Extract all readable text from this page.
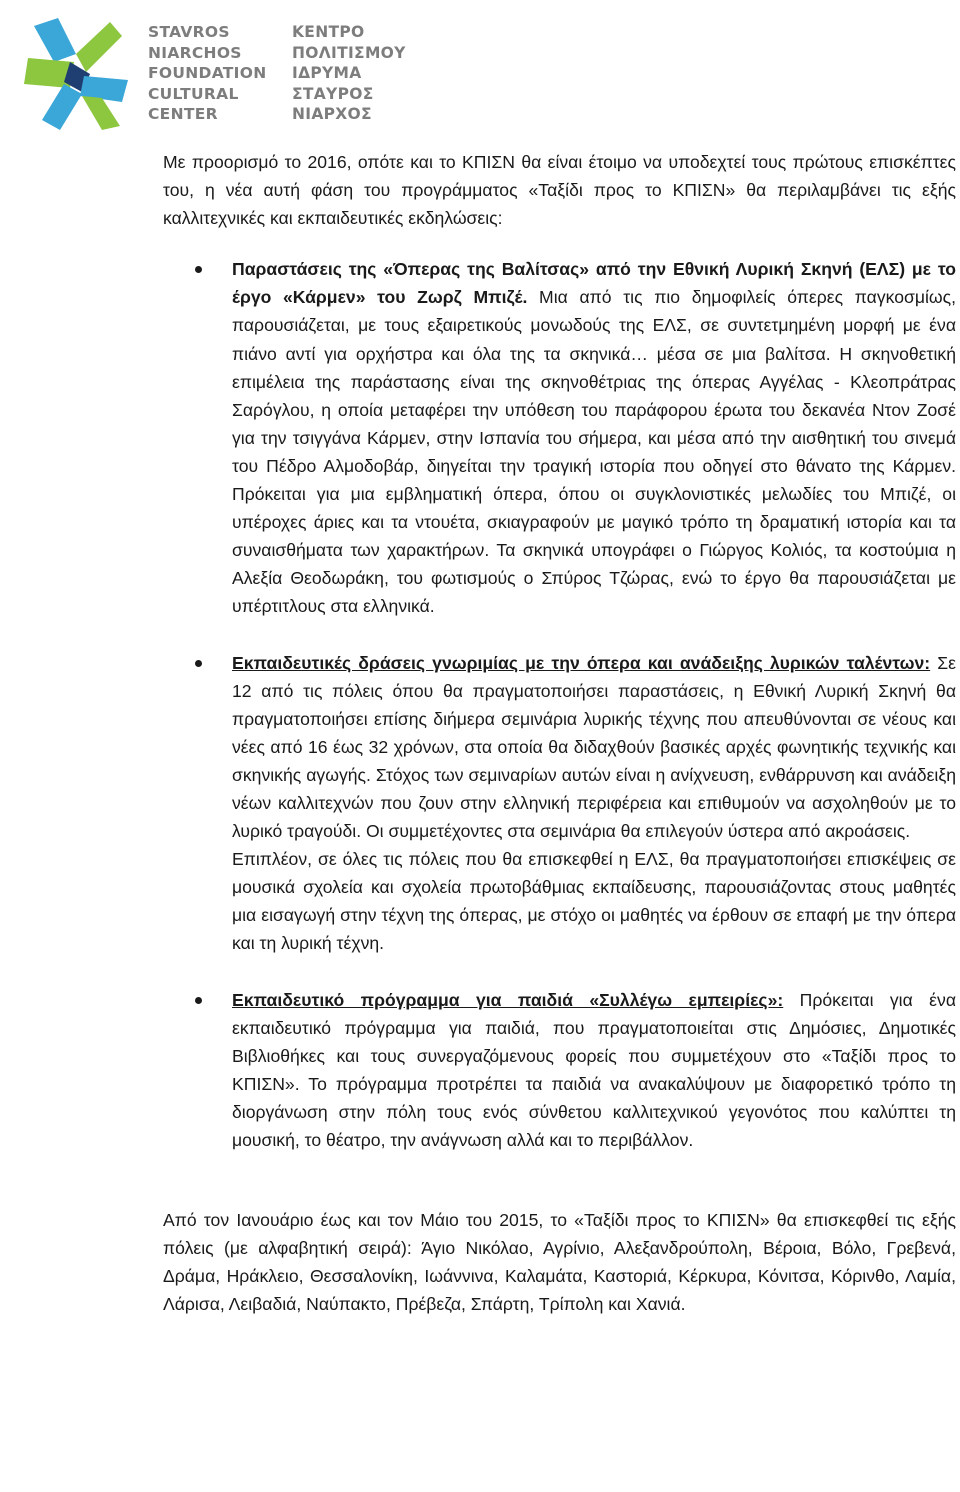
STAVROS
NIARCHOS
FOUNDATION
CULTURAL
CENTER
ΚΕΝΤΡΟ
ΠΟΛΙΤΙΣΜΟΥ
ΙΔΡΥΜΑ
ΣΤΑΥΡΟΣ
ΝΙΑΡΧΟΣ

Με προορισμό το 2016, οπότε και το ΚΠΙΣΝ θα είναι έτοιμο να υποδεχτεί τους πρώτους επισκέπτες του, η νέα αυτή φάση του προγράμματος «Ταξίδι προς το ΚΠΙΣΝ» θα περιλαμβάνει τις εξής καλλιτεχνικές και εκπαιδευτικές εκδηλώσεις:

Παραστάσεις της «Όπερας της Βαλίτσας» από την Εθνική Λυρική Σκηνή (ΕΛΣ) με το έργο «Κάρμεν» του Ζωρζ Μπιζέ. Μια από τις πιο δημοφιλείς όπερες παγκοσμίως, παρουσιάζεται, με τους εξαιρετικούς μονωδούς της ΕΛΣ, σε συντετμημένη μορφή με ένα πιάνο αντί για ορχήστρα και όλα της τα σκηνικά… μέσα σε μια βαλίτσα. Η σκηνοθετική επιμέλεια της παράστασης είναι της σκηνοθέτριας της όπερας Αγγέλας - Κλεοπράτρας Σαρόγλου, η οποία μεταφέρει την υπόθεση του παράφορου έρωτα του δεκανέα Ντον Ζοσέ για την τσιγγάνα Κάρμεν, στην Ισπανία του σήμερα, και μέσα από την αισθητική του σινεμά του Πέδρο Αλμοδοβάρ, διηγείται την τραγική ιστορία που οδηγεί στο θάνατο της Κάρμεν. Πρόκειται για μια εμβληματική όπερα, όπου οι συγκλονιστικές μελωδίες του Μπιζέ, οι υπέροχες άριες και τα ντουέτα, σκιαγραφούν με μαγικό τρόπο τη δραματική ιστορία και τα συναισθήματα των χαρακτήρων. Τα σκηνικά υπογράφει ο Γιώργος Κολιός, τα κοστούμια η Αλεξία Θεοδωράκη, του φωτισμούς ο Σπύρος Τζώρας, ενώ το έργο θα παρουσιάζεται με υπέρτιτλους στα ελληνικά.

Εκπαιδευτικές δράσεις γνωριμίας με την όπερα και ανάδειξης λυρικών ταλέντων: Σε 12 από τις πόλεις όπου θα πραγματοποιήσει παραστάσεις, η Εθνική Λυρική Σκηνή θα πραγματοποιήσει επίσης διήμερα σεμινάρια λυρικής τέχνης που απευθύνονται σε νέους και νέες από 16 έως 32 χρόνων, στα οποία θα διδαχθούν βασικές αρχές φωνητικής τεχνικής και σκηνικής αγωγής. Στόχος των σεμιναρίων αυτών είναι η ανίχνευση, ενθάρρυνση και ανάδειξη νέων καλλιτεχνών που ζουν στην ελληνική περιφέρεια και επιθυμούν να ασχοληθούν με το λυρικό τραγούδι. Οι συμμετέχοντες στα σεμινάρια θα επιλεγούν ύστερα από ακροάσεις.

Επιπλέον, σε όλες τις πόλεις που θα επισκεφθεί η ΕΛΣ, θα πραγματοποιήσει επισκέψεις σε μουσικά σχολεία και σχολεία πρωτοβάθμιας εκπαίδευσης, παρουσιάζοντας στους μαθητές μια εισαγωγή στην τέχνη της όπερας, με στόχο οι μαθητές να έρθουν σε επαφή με την όπερα και τη λυρική τέχνη.

Εκπαιδευτικό πρόγραμμα για παιδιά «Συλλέγω εμπειρίες»: Πρόκειται για ένα εκπαιδευτικό πρόγραμμα για παιδιά, που πραγματοποιείται στις Δημόσιες, Δημοτικές Βιβλιοθήκες και τους συνεργαζόμενους φορείς που συμμετέχουν στο «Ταξίδι προς το ΚΠΙΣΝ». Το πρόγραμμα προτρέπει τα παιδιά να ανακαλύψουν με διαφορετικό τρόπο τη διοργάνωση στην πόλη τους ενός σύνθετου καλλιτεχνικού γεγονότος που καλύπτει τη μουσική, το θέατρο, την ανάγνωση αλλά και το περιβάλλον.

Από τον Ιανουάριο έως και τον Μάιο του 2015, το «Ταξίδι προς το ΚΠΙΣΝ» θα επισκεφθεί τις εξής πόλεις (με αλφαβητική σειρά): Άγιο Νικόλαο, Αγρίνιο, Αλεξανδρούπολη, Βέροια, Βόλο, Γρεβενά, Δράμα, Ηράκλειο, Θεσσαλονίκη, Ιωάννινα, Καλαμάτα, Καστοριά, Κέρκυρα, Κόνιτσα, Κόρινθο, Λαμία, Λάρισα, Λειβαδιά, Ναύπακτο, Πρέβεζα, Σπάρτη, Τρίπολη και Χανιά.
